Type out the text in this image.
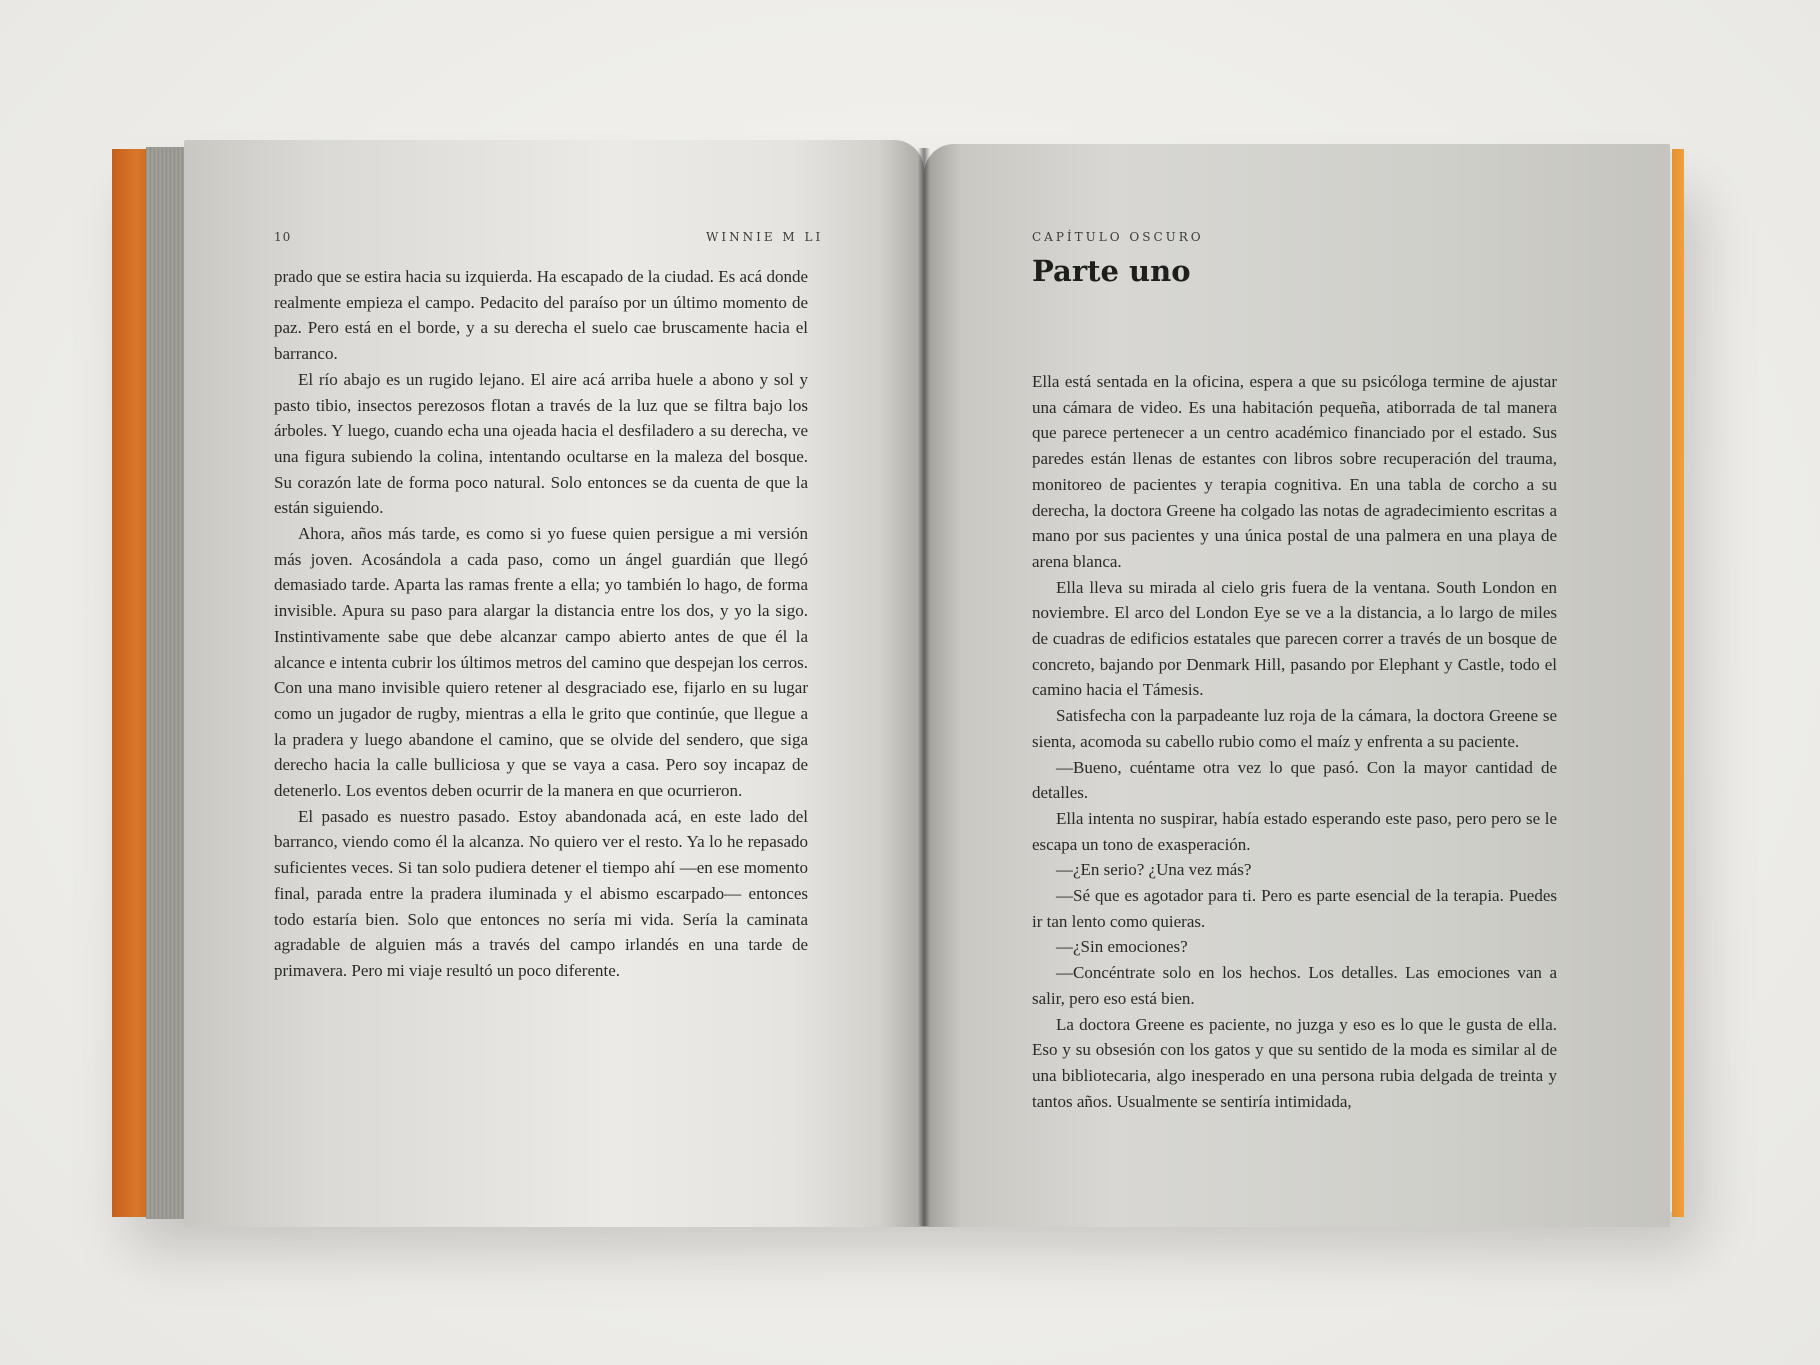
10	WINNIE M LI

prado que se estira hacia su izquierda. Ha escapado de la ciudad. Es acá donde realmente empieza el campo. Pedacito del paraíso por un último momento de paz. Pero está en el borde, y a su derecha el suelo cae bruscamente hacia el barranco.

El río abajo es un rugido lejano. El aire acá arriba huele a abono y sol y pasto tibio, insectos perezosos flotan a través de la luz que se filtra bajo los árboles. Y luego, cuando echa una ojeada hacia el desfiladero a su derecha, ve una figura subiendo la colina, intentando ocultarse en la maleza del bosque. Su corazón late de forma poco natural. Solo entonces se da cuenta de que la están siguiendo.

Ahora, años más tarde, es como si yo fuese quien persigue a mi versión más joven. Acosándola a cada paso, como un ángel guardián que llegó demasiado tarde. Aparta las ramas frente a ella; yo también lo hago, de forma invisible. Apura su paso para alargar la distancia entre los dos, y yo la sigo. Instintivamente sabe que debe alcanzar campo abierto antes de que él la alcance e intenta cubrir los últimos metros del camino que despejan los cerros. Con una mano invisible quiero retener al desgraciado ese, fijarlo en su lugar como un jugador de rugby, mientras a ella le grito que continúe, que llegue a la pradera y luego abandone el camino, que se olvide del sendero, que siga derecho hacia la calle bulliciosa y que se vaya a casa. Pero soy incapaz de detenerlo. Los eventos deben ocurrir de la manera en que ocurrieron.

El pasado es nuestro pasado. Estoy abandonada acá, en este lado del barranco, viendo como él la alcanza. No quiero ver el resto. Ya lo he repasado suficientes veces. Si tan solo pudiera detener el tiempo ahí —en ese momento final, parada entre la pradera iluminada y el abismo escarpado— entonces todo estaría bien. Solo que entonces no sería mi vida. Sería la caminata agradable de alguien más a través del campo irlandés en una tarde de primavera. Pero mi viaje resultó un poco diferente.

CAPÍTULO OSCURO
Parte uno

Ella está sentada en la oficina, espera a que su psicóloga termine de ajustar una cámara de video. Es una habitación pequeña, atiborrada de tal manera que parece pertenecer a un centro académico financiado por el estado. Sus paredes están llenas de estantes con libros sobre recuperación del trauma, monitoreo de pacientes y terapia cognitiva. En una tabla de corcho a su derecha, la doctora Greene ha colgado las notas de agradecimiento escritas a mano por sus pacientes y una única postal de una palmera en una playa de arena blanca.

Ella lleva su mirada al cielo gris fuera de la ventana. South London en noviembre. El arco del London Eye se ve a la distancia, a lo largo de miles de cuadras de edificios estatales que parecen correr a través de un bosque de concreto, bajando por Denmark Hill, pasando por Elephant y Castle, todo el camino hacia el Támesis.

Satisfecha con la parpadeante luz roja de la cámara, la doctora Greene se sienta, acomoda su cabello rubio como el maíz y enfrenta a su paciente.

—Bueno, cuéntame otra vez lo que pasó. Con la mayor cantidad de detalles.

Ella intenta no suspirar, había estado esperando este paso, pero pero se le escapa un tono de exasperación.

—¿En serio? ¿Una vez más?

—Sé que es agotador para ti. Pero es parte esencial de la terapia. Puedes ir tan lento como quieras.

—¿Sin emociones?

—Concéntrate solo en los hechos. Los detalles. Las emociones van a salir, pero eso está bien.

La doctora Greene es paciente, no juzga y eso es lo que le gusta de ella. Eso y su obsesión con los gatos y que su sentido de la moda es similar al de una bibliotecaria, algo inesperado en una persona rubia delgada de treinta y tantos años. Usualmente se sentiría intimidada,
